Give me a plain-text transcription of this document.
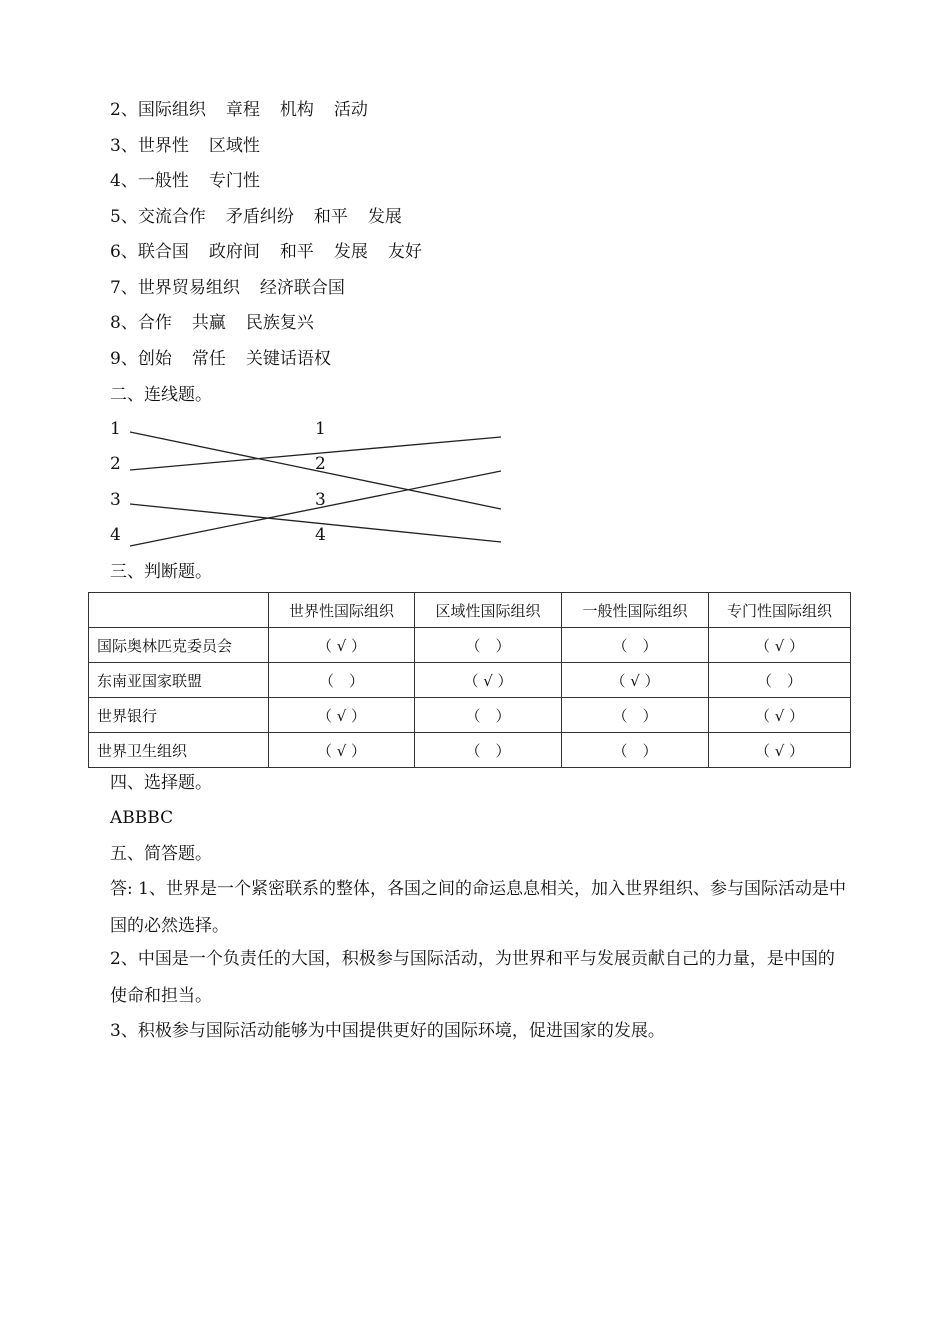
2、国际组织 章程 机构 活动
3、世界性 区域性
4、一般性 专门性
5、交流合作 矛盾纠纷 和平 发展
6、联合国 政府间 和平 发展 友好
7、世界贸易组织 经济联合国
8、合作 共赢 民族复兴
9、创始 常任 关键话语权
二、连线题。
1
2
3
4
1
2
3
4
三、判断题。
	世界性国际组织	区域性国际组织	一般性国际组织	专门性国际组织
国际奥林匹克委员会	（ √ ）	（　）	（　）	（ √ ）
东南亚国家联盟	（　）	（ √ ）	（ √ ）	（　）
世界银行	（ √ ）	（　）	（　）	（ √ ）
世界卫生组织	（ √ ）	（　）	（　）	（ √ ）
四、选择题。
ABBBC
五、简答题。
答: 1、世界是一个紧密联系的整体，各国之间的命运息息相关，加入世界组织、参与国际活动是中国的必然选择。
2、中国是一个负责任的大国，积极参与国际活动，为世界和平与发展贡献自己的力量，是中国的使命和担当。
3、积极参与国际活动能够为中国提供更好的国际环境，促进国家的发展。
